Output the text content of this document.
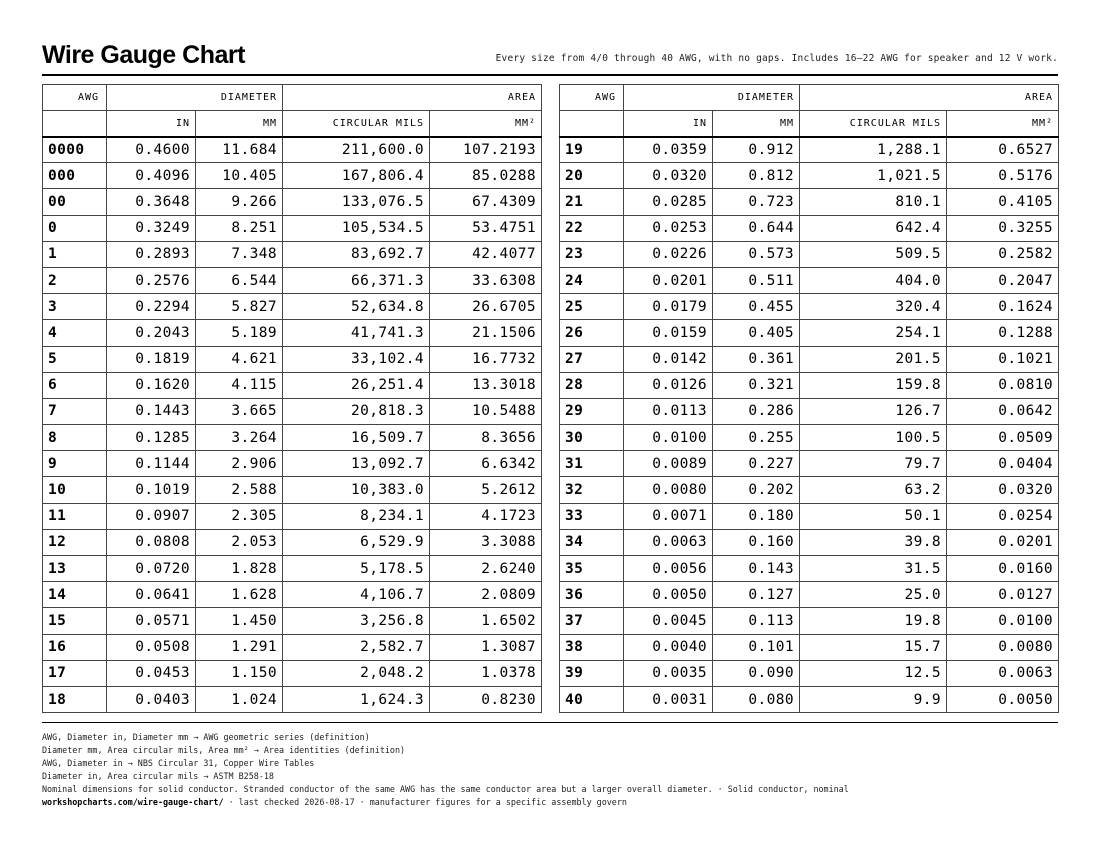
Wire Gauge Chart	Every size from 4/0 through 40 AWG, with no gaps. Includes 16–22 AWG for speaker and 12 V work.
AWG	DIAMETER		AREA	
	IN	MM	CIRCULAR MILS	MM²
0000	0.4600	11.684	211,600.0	107.2193
000	0.4096	10.405	167,806.4	85.0288
00	0.3648	9.266	133,076.5	67.4309
0	0.3249	8.251	105,534.5	53.4751
1	0.2893	7.348	83,692.7	42.4077
2	0.2576	6.544	66,371.3	33.6308
3	0.2294	5.827	52,634.8	26.6705
4	0.2043	5.189	41,741.3	21.1506
5	0.1819	4.621	33,102.4	16.7732
6	0.1620	4.115	26,251.4	13.3018
7	0.1443	3.665	20,818.3	10.5488
8	0.1285	3.264	16,509.7	8.3656
9	0.1144	2.906	13,092.7	6.6342
10	0.1019	2.588	10,383.0	5.2612
11	0.0907	2.305	8,234.1	4.1723
12	0.0808	2.053	6,529.9	3.3088
13	0.0720	1.828	5,178.5	2.6240
14	0.0641	1.628	4,106.7	2.0809
15	0.0571	1.450	3,256.8	1.6502
16	0.0508	1.291	2,582.7	1.3087
17	0.0453	1.150	2,048.2	1.0378
18	0.0403	1.024	1,624.3	0.8230
AWG	DIAMETER		AREA	
	IN	MM	CIRCULAR MILS	MM²
19	0.0359	0.912	1,288.1	0.6527
20	0.0320	0.812	1,021.5	0.5176
21	0.0285	0.723	810.1	0.4105
22	0.0253	0.644	642.4	0.3255
23	0.0226	0.573	509.5	0.2582
24	0.0201	0.511	404.0	0.2047
25	0.0179	0.455	320.4	0.1624
26	0.0159	0.405	254.1	0.1288
27	0.0142	0.361	201.5	0.1021
28	0.0126	0.321	159.8	0.0810
29	0.0113	0.286	126.7	0.0642
30	0.0100	0.255	100.5	0.0509
31	0.0089	0.227	79.7	0.0404
32	0.0080	0.202	63.2	0.0320
33	0.0071	0.180	50.1	0.0254
34	0.0063	0.160	39.8	0.0201
35	0.0056	0.143	31.5	0.0160
36	0.0050	0.127	25.0	0.0127
37	0.0045	0.113	19.8	0.0100
38	0.0040	0.101	15.7	0.0080
39	0.0035	0.090	12.5	0.0063
40	0.0031	0.080	9.9	0.0050
AWG, Diameter in, Diameter mm → AWG geometric series (definition)
Diameter mm, Area circular mils, Area mm² → Area identities (definition)
AWG, Diameter in → NBS Circular 31, Copper Wire Tables
Diameter in, Area circular mils → ASTM B258-18
Nominal dimensions for solid conductor. Stranded conductor of the same AWG has the same conductor area but a larger overall diameter. · Solid conductor, nominal
workshopcharts.com/wire-gauge-chart/ · last checked 2026-08-17 · manufacturer figures for a specific assembly govern
